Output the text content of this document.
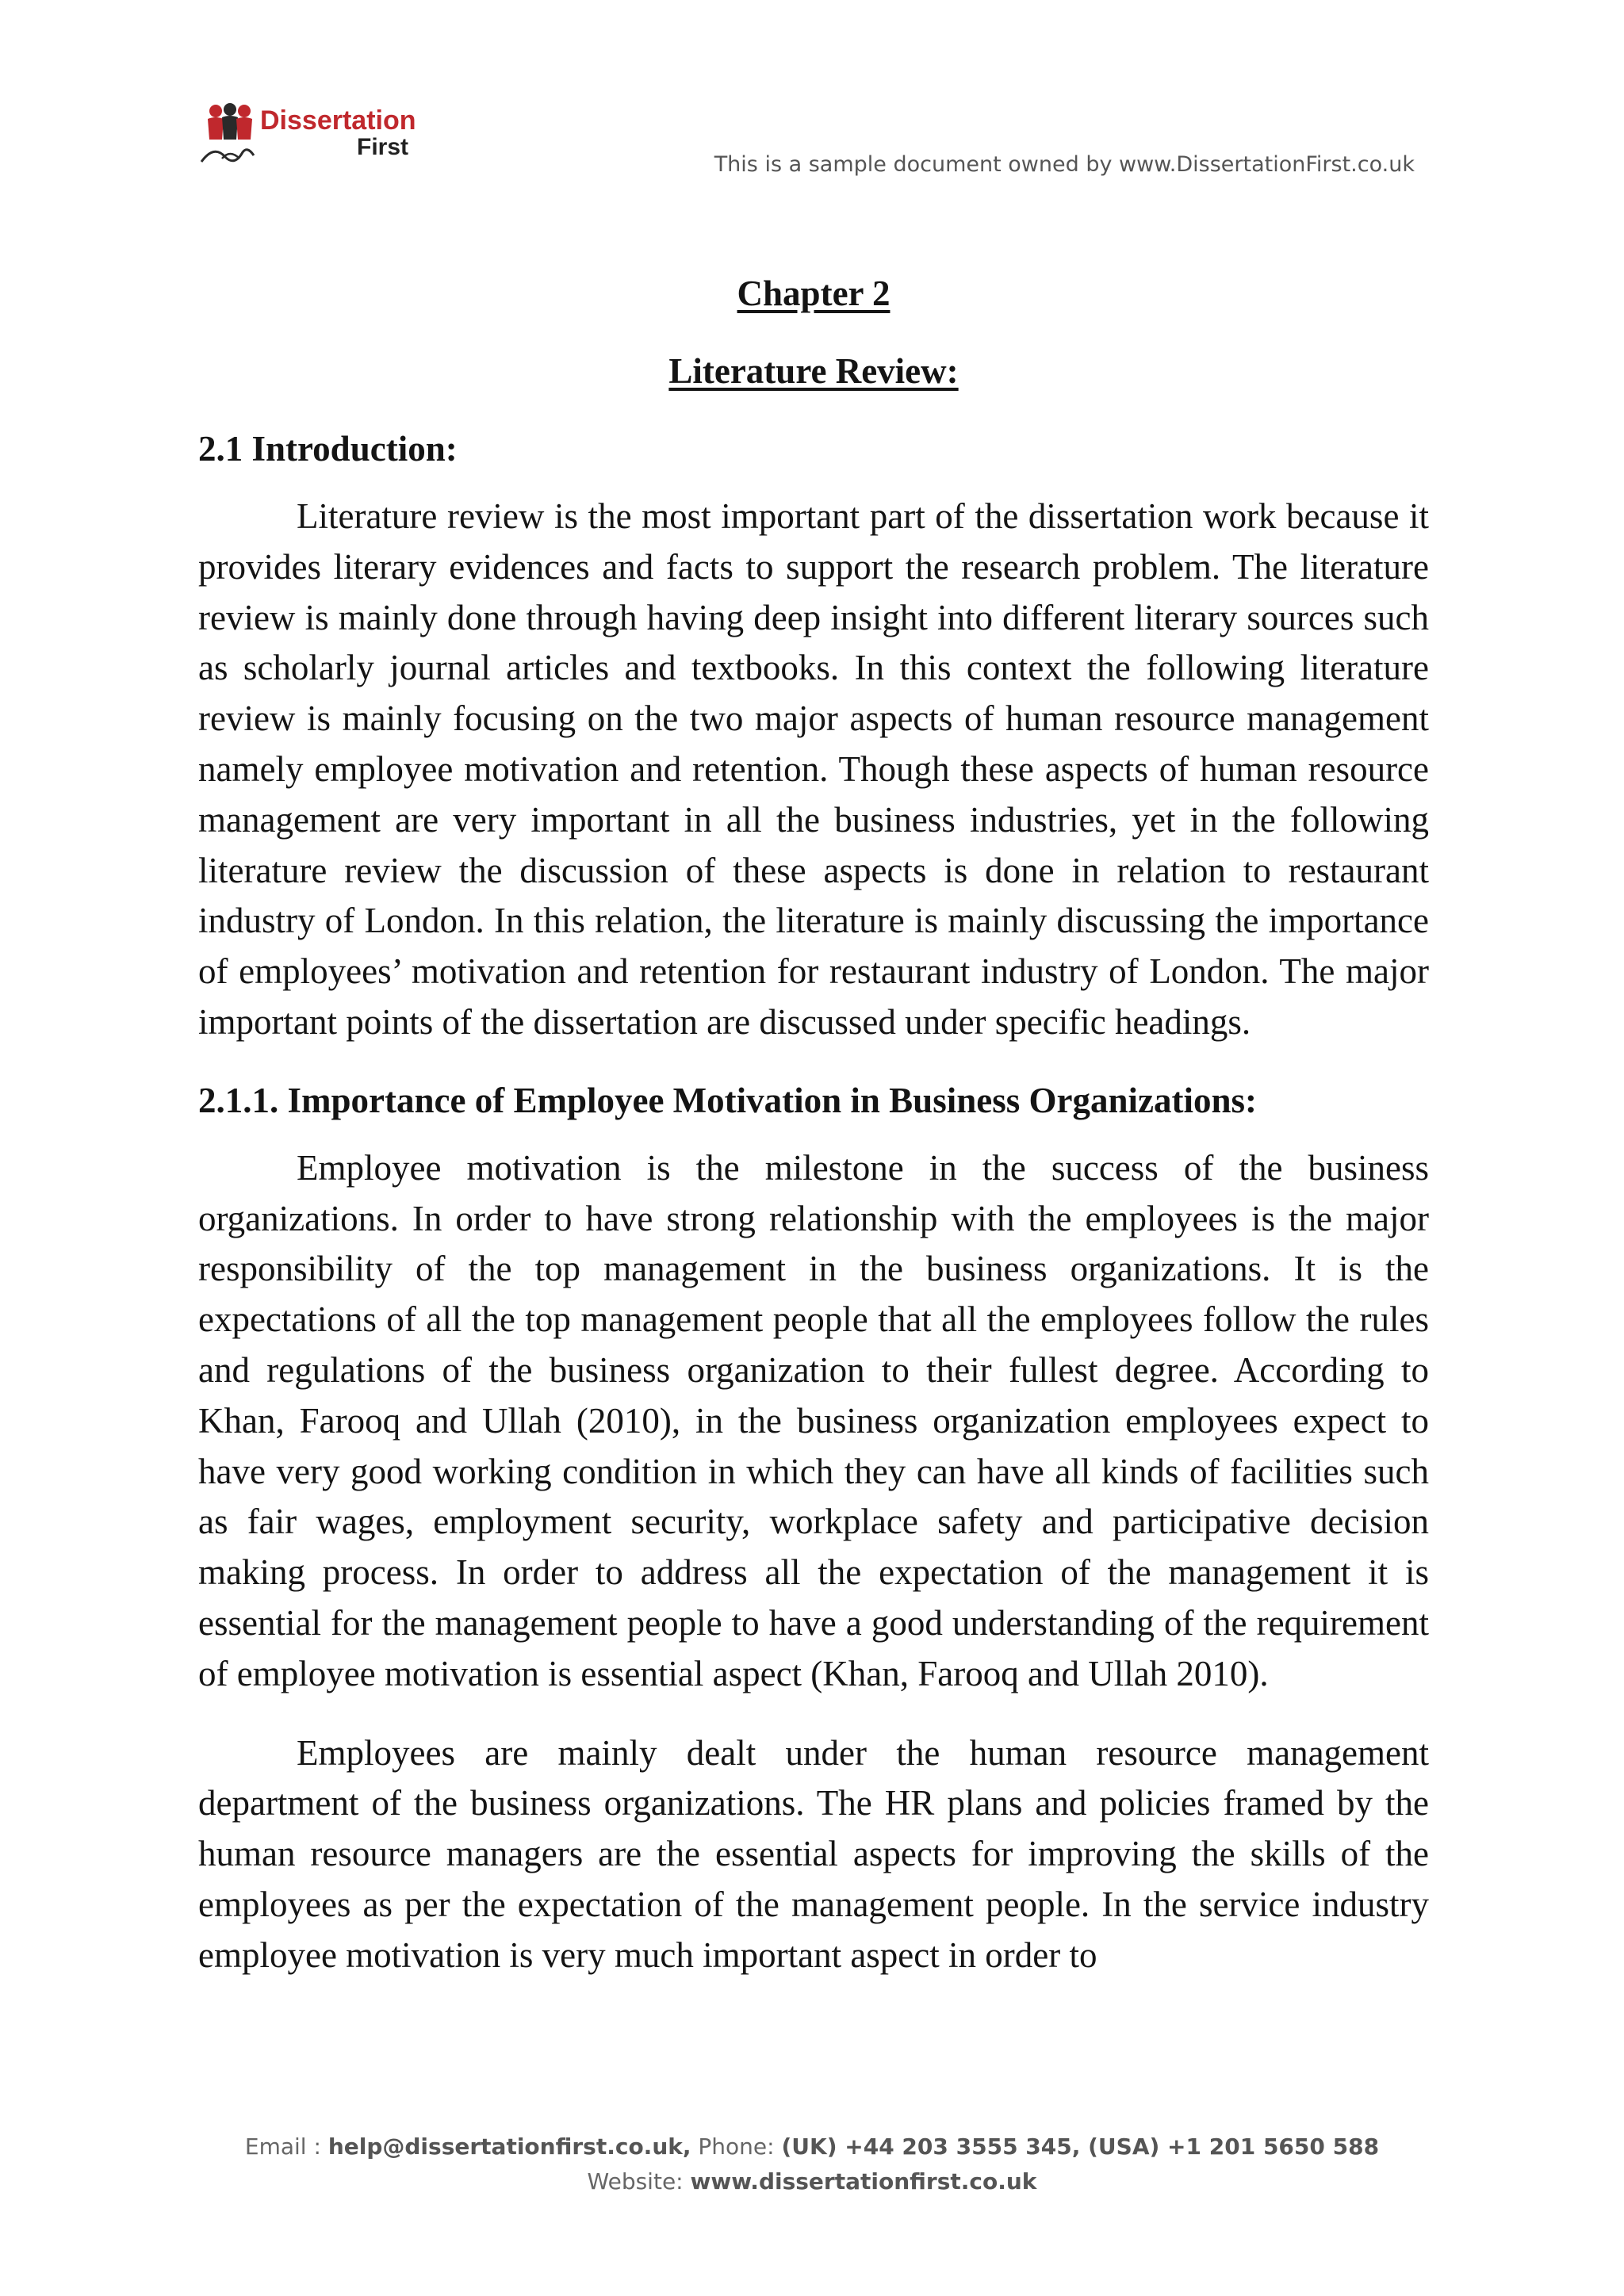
Dissertation
First
This is a sample document owned by www.DissertationFirst.co.uk

Chapter 2

Literature Review:

2.1 Introduction:

Literature review is the most important part of the dissertation work because it provides literary evidences and facts to support the research problem. The literature review is mainly done through having deep insight into different literary sources such as scholarly journal articles and textbooks. In this context the following literature review is mainly focusing on the two major aspects of human resource management namely employee motivation and retention. Though these aspects of human resource management are very important in all the business industries, yet in the following literature review the discussion of these aspects is done in relation to restaurant industry of London. In this relation, the literature is mainly discussing the importance of employees’ motivation and retention for restaurant industry of London. The major important points of the dissertation are discussed under specific headings.

2.1.1. Importance of Employee Motivation in Business Organizations:

Employee motivation is the milestone in the success of the business organizations. In order to have strong relationship with the employees is the major responsibility of the top management in the business organizations. It is the expectations of all the top management people that all the employees follow the rules and regulations of the business organization to their fullest degree. According to Khan, Farooq and Ullah (2010), in the business organization employees expect to have very good working condition in which they can have all kinds of facilities such as fair wages, employment security, workplace safety and participative decision making process. In order to address all the expectation of the management it is essential for the management people to have a good understanding of the requirement of employee motivation is essential aspect (Khan, Farooq and Ullah 2010).

Employees are mainly dealt under the human resource management department of the business organizations. The HR plans and policies framed by the human resource managers are the essential aspects for improving the skills of the employees as per the expectation of the management people. In the service industry employee motivation is very much important aspect in order to

Email : help@dissertationfirst.co.uk, Phone: (UK) +44 203 3555 345, (USA) +1 201 5650 588
Website: www.dissertationfirst.co.uk
